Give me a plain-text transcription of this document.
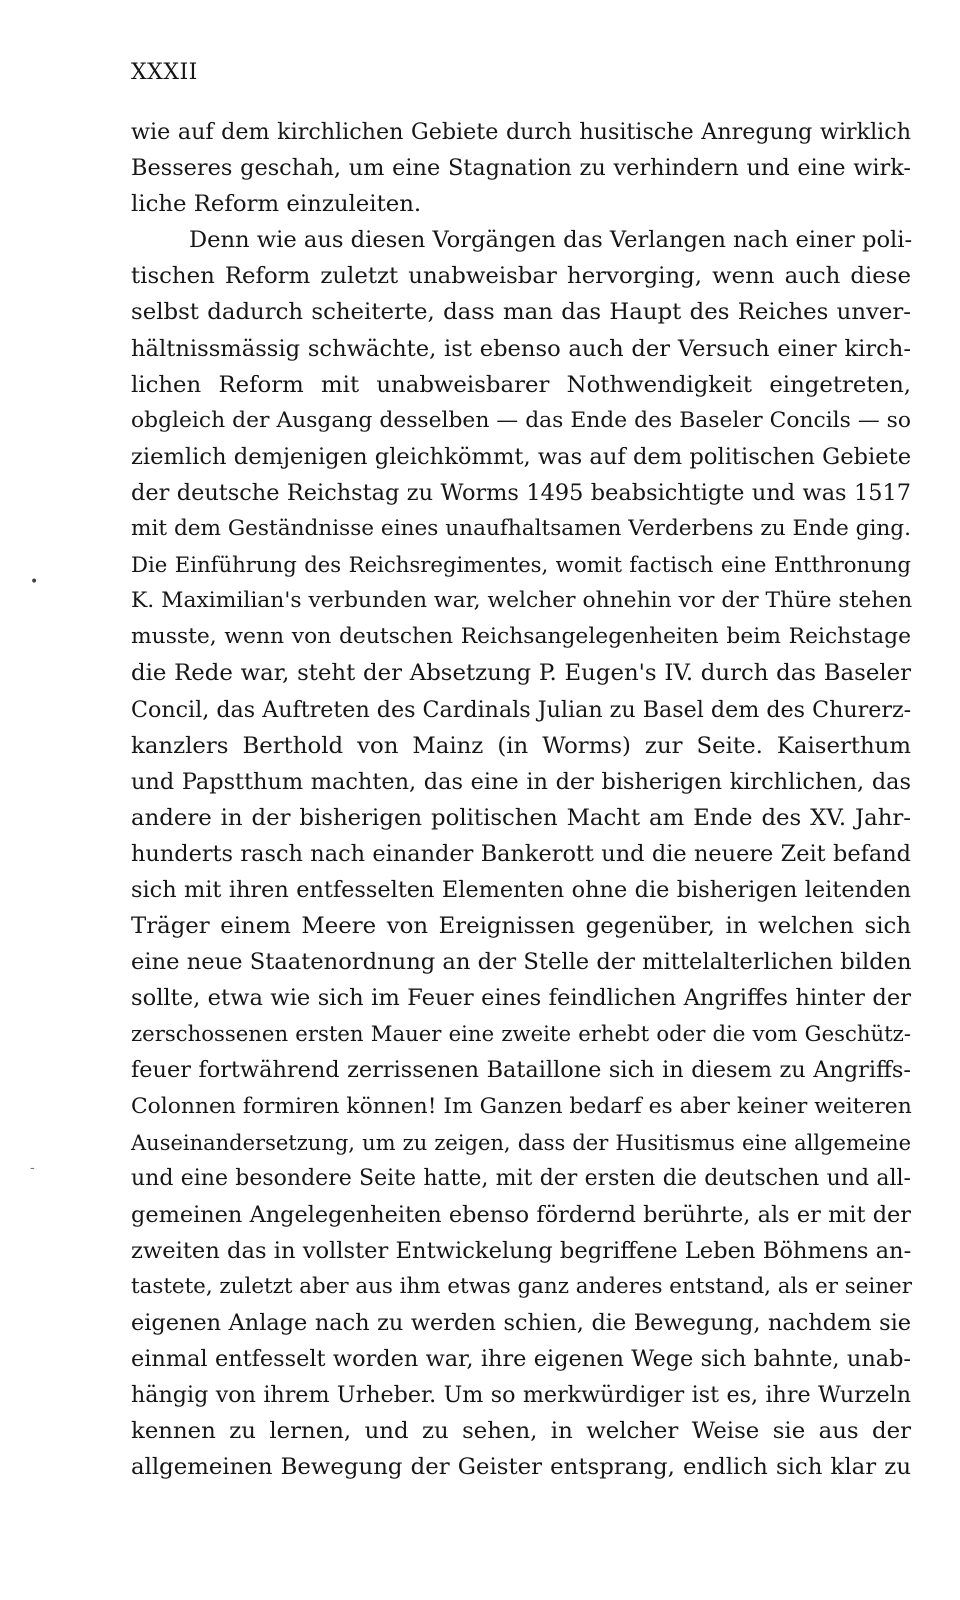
XXXII
•
-
wie auf dem kirchlichen Gebiete durch husitische Anregung wirklich
Besseres geschah, um eine Stagnation zu verhindern und eine wirk-
liche Reform einzuleiten.
Denn wie aus diesen Vorgängen das Verlangen nach einer poli-
tischen Reform zuletzt unabweisbar hervorging, wenn auch diese
selbst dadurch scheiterte, dass man das Haupt des Reiches unver-
hältnissmässig schwächte, ist ebenso auch der Versuch einer kirch-
lichen Reform mit unabweisbarer Nothwendigkeit eingetreten,
obgleich der Ausgang desselben — das Ende des Baseler Concils — so
ziemlich demjenigen gleichkömmt, was auf dem politischen Gebiete
der deutsche Reichstag zu Worms 1495 beabsichtigte und was 1517
mit dem Geständnisse eines unaufhaltsamen Verderbens zu Ende ging.
Die Einführung des Reichsregimentes, womit factisch eine Entthronung
K. Maximilian's verbunden war, welcher ohnehin vor der Thüre stehen
musste, wenn von deutschen Reichsangelegenheiten beim Reichstage
die Rede war, steht der Absetzung P. Eugen's IV. durch das Baseler
Concil, das Auftreten des Cardinals Julian zu Basel dem des Churerz-
kanzlers Berthold von Mainz (in Worms) zur Seite. Kaiserthum
und Papstthum machten, das eine in der bisherigen kirchlichen, das
andere in der bisherigen politischen Macht am Ende des XV. Jahr-
hunderts rasch nach einander Bankerott und die neuere Zeit befand
sich mit ihren entfesselten Elementen ohne die bisherigen leitenden
Träger einem Meere von Ereignissen gegenüber, in welchen sich
eine neue Staatenordnung an der Stelle der mittelalterlichen bilden
sollte, etwa wie sich im Feuer eines feindlichen Angriffes hinter der
zerschossenen ersten Mauer eine zweite erhebt oder die vom Geschütz-
feuer fortwährend zerrissenen Bataillone sich in diesem zu Angriffs-
Colonnen formiren können! Im Ganzen bedarf es aber keiner weiteren
Auseinandersetzung, um zu zeigen, dass der Husitismus eine allgemeine
und eine besondere Seite hatte, mit der ersten die deutschen und all-
gemeinen Angelegenheiten ebenso fördernd berührte, als er mit der
zweiten das in vollster Entwickelung begriffene Leben Böhmens an-
tastete, zuletzt aber aus ihm etwas ganz anderes entstand, als er seiner
eigenen Anlage nach zu werden schien, die Bewegung, nachdem sie
einmal entfesselt worden war, ihre eigenen Wege sich bahnte, unab-
hängig von ihrem Urheber. Um so merkwürdiger ist es, ihre Wurzeln
kennen zu lernen, und zu sehen, in welcher Weise sie aus der
allgemeinen Bewegung der Geister entsprang, endlich sich klar zu
